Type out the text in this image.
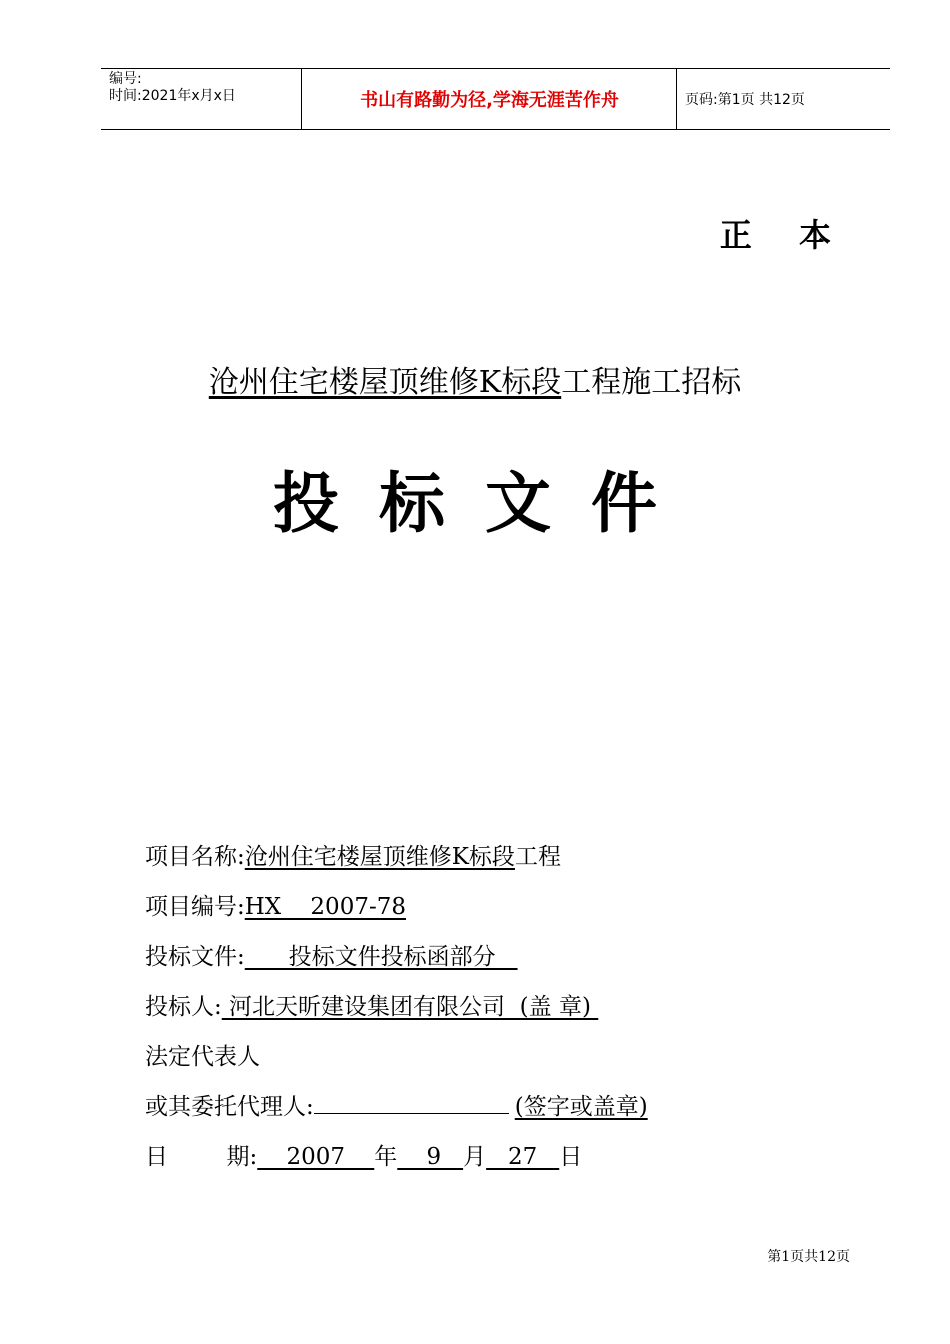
编号:
时间:2021年x月x日	书山有路勤为径,学海无涯苦作舟	页码:第1页 共12页
正 本
沧州住宅楼屋顶维修K标段工程施工招标
投标文件
项目名称:沧州住宅楼屋顶维修K标段工程
项目编号:HX    2007-78
投标文件:      投标文件投标函部分
投标人: 河北天昕建设集团有限公司  (盖 章)
法定代表人
或其委托代理人:	(签字或盖章)
日        期:    2007    年    9   月   27   日
第1页共12页
